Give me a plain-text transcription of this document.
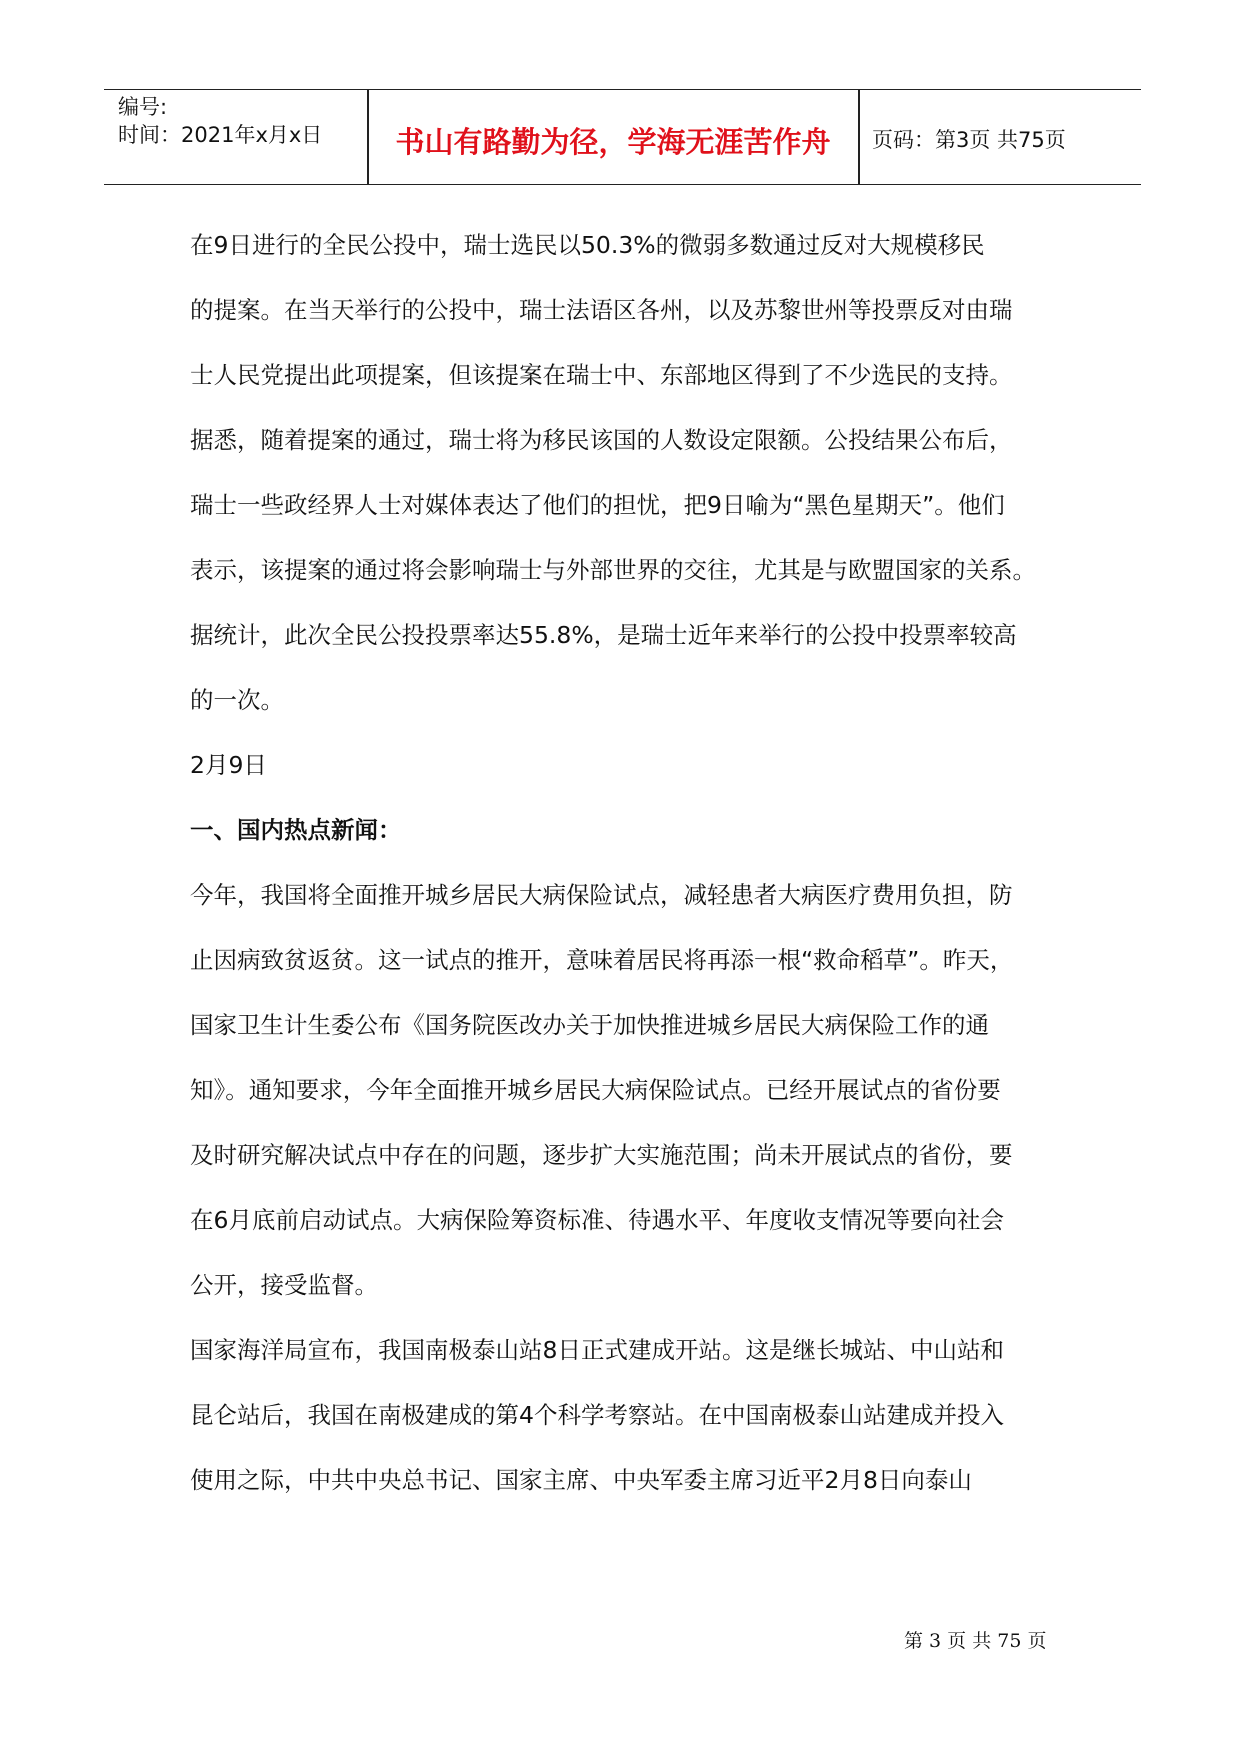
编号:
时间：2021年x月x日	书山有路勤为径，学海无涯苦作舟	页码：第3页 共75页
在9日进行的全民公投中，瑞士选民以50.3%的微弱多数通过反对大规模移民
的提案。在当天举行的公投中，瑞士法语区各州，以及苏黎世州等投票反对由瑞
士人民党提出此项提案，但该提案在瑞士中、东部地区得到了不少选民的支持。
据悉，随着提案的通过，瑞士将为移民该国的人数设定限额。公投结果公布后，
瑞士一些政经界人士对媒体表达了他们的担忧，把9日喻为“黑色星期天”。他们
表示，该提案的通过将会影响瑞士与外部世界的交往，尤其是与欧盟国家的关系。
据统计，此次全民公投投票率达55.8%，是瑞士近年来举行的公投中投票率较高
的一次。
2月9日
一、国内热点新闻：
今年，我国将全面推开城乡居民大病保险试点，减轻患者大病医疗费用负担，防
止因病致贫返贫。这一试点的推开，意味着居民将再添一根“救命稻草”。昨天，
国家卫生计生委公布《国务院医改办关于加快推进城乡居民大病保险工作的通
知》。通知要求，今年全面推开城乡居民大病保险试点。已经开展试点的省份要
及时研究解决试点中存在的问题，逐步扩大实施范围；尚未开展试点的省份，要
在6月底前启动试点。大病保险筹资标准、待遇水平、年度收支情况等要向社会
公开，接受监督。
国家海洋局宣布，我国南极泰山站8日正式建成开站。这是继长城站、中山站和
昆仑站后，我国在南极建成的第4个科学考察站。在中国南极泰山站建成并投入
使用之际，中共中央总书记、国家主席、中央军委主席习近平2月8日向泰山
第 3 页 共 75 页
